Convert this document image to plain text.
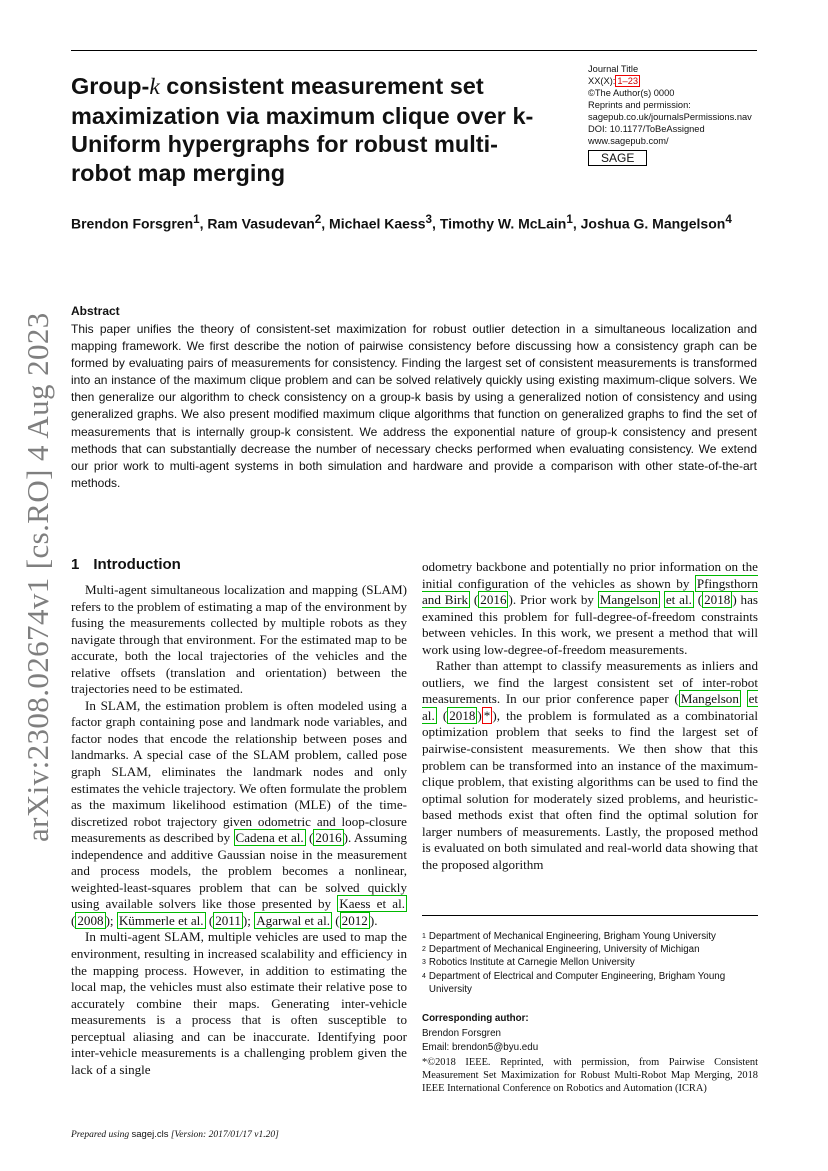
Group-k consistent measurement set maximization via maximum clique over k-Uniform hypergraphs for robust multi-robot map merging
Journal Title
XX(X): 1–23
©The Author(s) 0000
Reprints and permission:
sagepub.co.uk/journalsPermissions.nav
DOI: 10.1177/ToBeAssigned
www.sagepub.com/
SAGE
Brendon Forsgren$^1$, Ram Vasudevan$^2$, Michael Kaess$^3$, Timothy W. McLain$^1$, Joshua G. Mangelson$^4$
Abstract
This paper unifies the theory of consistent-set maximization for robust outlier detection in a simultaneous localization and mapping framework. We first describe the notion of pairwise consistency before discussing how a consistency graph can be formed by evaluating pairs of measurements for consistency. Finding the largest set of consistent measurements is transformed into an instance of the maximum clique problem and can be solved relatively quickly using existing maximum-clique solvers. We then generalize our algorithm to check consistency on a group-k basis by using a generalized notion of consistency and using generalized graphs. We also present modified maximum clique algorithms that function on generalized graphs to find the set of measurements that is internally group-k consistent. We address the exponential nature of group-k consistency and present methods that can substantially decrease the number of necessary checks performed when evaluating consistency. We extend our prior work to multi-agent systems in both simulation and hardware and provide a comparison with other state-of-the-art methods.
arXiv:2308.02674v1 [cs.RO] 4 Aug 2023 1 Introduction

Multi-agent simultaneous localization and mapping (SLAM) refers to the problem of estimating a map of the environment by fusing the measurements collected by multiple robots as they navigate through that environment. For the estimated map to be accurate, both the local trajectories of the vehicles and the relative offsets (translation and orientation) between the trajectories need to be estimated.

In SLAM, the estimation problem is often modeled using a factor graph containing pose and landmark node variables, and factor nodes that encode the relationship between poses and landmarks. A special case of the SLAM problem, called pose graph SLAM, eliminates the landmark nodes and only estimates the vehicle trajectory. We often formulate the problem as the maximum likelihood estimation (MLE) of the time-discretized robot trajectory given odometric and loop-closure measurements as described by Cadena et al. ( 2016 ). Assuming independence and additive Gaussian noise in the measurement and process models, the problem becomes a nonlinear, weighted-least-squares problem that can be solved quickly using available solvers like those presented by Kaess et al. ( 2008 ); Kümmerle et al. ( 2011 ); Agarwal et al. ( 2012 ).

In multi-agent SLAM, multiple vehicles are used to map the environment, resulting in increased scalability and efficiency in the mapping process. However, in addition to estimating the local map, the vehicles must also estimate their relative pose to accurately combine their maps. Generating inter-vehicle measurements is a process that is often susceptible to perceptual aliasing and can be inaccurate. Identifying poor inter-vehicle measurements is a challenging problem given the lack of a single

odometry backbone and potentially no prior information on the initial configuration of the vehicles as shown by Pfingsthorn and Birk ( 2016 ). Prior work by Mangelson et al. ( 2018 ) has examined this problem for full-degree-of-freedom constraints between vehicles. In this work, we present a method that will work using low-degree-of-freedom measurements.

Rather than attempt to classify measurements as inliers and outliers, we find the largest consistent set of inter-robot measurements. In our prior conference paper ( Mangelson et al. ( 2018 ) * ), the problem is formulated as a combinatorial optimization problem that seeks to find the largest set of pairwise-consistent measurements. We then show that this problem can be transformed into an instance of the maximum-clique problem, that existing algorithms can be used to find the optimal solution for moderately sized problems, and heuristic-based methods exist that often find the optimal solution for larger numbers of measurements. Lastly, the proposed method is evaluated on both simulated and real-world data showing that the proposed algorithm

1 Department of Mechanical Engineering, Brigham Young University
2 Department of Mechanical Engineering, University of Michigan
3 Robotics Institute at Carnegie Mellon University
4 Department of Electrical and Computer Engineering, Brigham Young University
Corresponding author:
Brendon Forsgren
Email: brendon5@byu.edu
*©2018 IEEE. Reprinted, with permission, from Pairwise Consistent Measurement Set Maximization for Robust Multi-Robot Map Merging, 2018 IEEE International Conference on Robotics and Automation (ICRA)
Prepared using sagej.cls [Version: 2017/01/17 v1.20]
